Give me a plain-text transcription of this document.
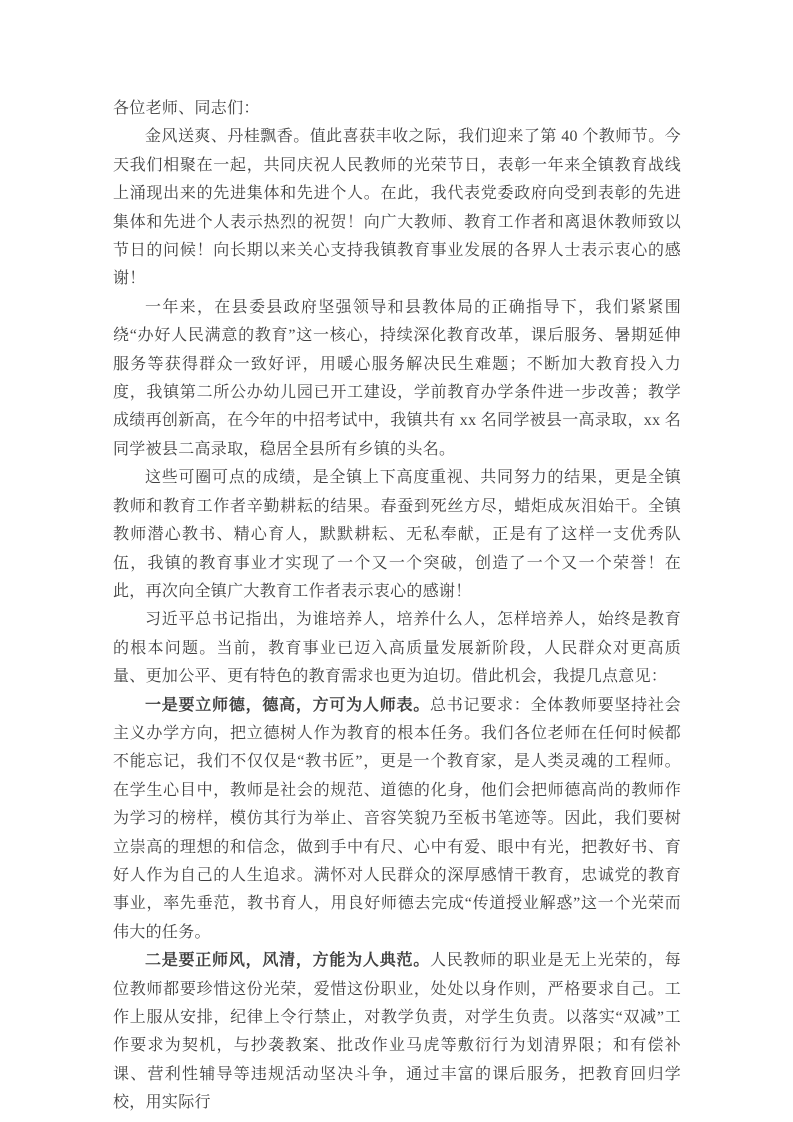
各位老师、同志们：

金风送爽、丹桂飘香。值此喜获丰收之际，我们迎来了第 40 个教师节。今天我们相聚在一起，共同庆祝人民教师的光荣节日，表彰一年来全镇教育战线上涌现出来的先进集体和先进个人。在此，我代表党委政府向受到表彰的先进集体和先进个人表示热烈的祝贺！向广大教师、教育工作者和离退休教师致以节日的问候！向长期以来关心支持我镇教育事业发展的各界人士表示衷心的感谢！

一年来，在县委县政府坚强领导和县教体局的正确指导下，我们紧紧围绕“办好人民满意的教育”这一核心，持续深化教育改革，课后服务、暑期延伸服务等获得群众一致好评，用暖心服务解决民生难题；不断加大教育投入力度，我镇第二所公办幼儿园已开工建设，学前教育办学条件进一步改善；教学成绩再创新高，在今年的中招考试中，我镇共有 xx 名同学被县一高录取，xx 名同学被县二高录取，稳居全县所有乡镇的头名。

这些可圈可点的成绩，是全镇上下高度重视、共同努力的结果，更是全镇教师和教育工作者辛勤耕耘的结果。春蚕到死丝方尽，蜡炬成灰泪始干。全镇教师潜心教书、精心育人，默默耕耘、无私奉献，正是有了这样一支优秀队伍，我镇的教育事业才实现了一个又一个突破，创造了一个又一个荣誉！在此，再次向全镇广大教育工作者表示衷心的感谢！

习近平总书记指出，为谁培养人，培养什么人，怎样培养人，始终是教育的根本问题。当前，教育事业已迈入高质量发展新阶段，人民群众对更高质量、更加公平、更有特色的教育需求也更为迫切。借此机会，我提几点意见：

一是要立师德，德高，方可为人师表。总书记要求：全体教师要坚持社会主义办学方向，把立德树人作为教育的根本任务。我们各位老师在任何时候都不能忘记，我们不仅仅是“教书匠”，更是一个教育家，是人类灵魂的工程师。在学生心目中，教师是社会的规范、道德的化身，他们会把师德高尚的教师作为学习的榜样，模仿其行为举止、音容笑貌乃至板书笔迹等。因此，我们要树立崇高的理想的和信念，做到手中有尺、心中有爱、眼中有光，把教好书、育好人作为自己的人生追求。满怀对人民群众的深厚感情干教育，忠诚党的教育事业，率先垂范，教书育人，用良好师德去完成“传道授业解惑”这一个光荣而伟大的任务。

二是要正师风，风清，方能为人典范。人民教师的职业是无上光荣的，每位教师都要珍惜这份光荣，爱惜这份职业，处处以身作则，严格要求自己。工作上服从安排，纪律上令行禁止，对教学负责，对学生负责。以落实“双减”工作要求为契机，与抄袭教案、批改作业马虎等敷衍行为划清界限；和有偿补课、营利性辅导等违规活动坚决斗争，通过丰富的课后服务，把教育回归学校，用实际行
